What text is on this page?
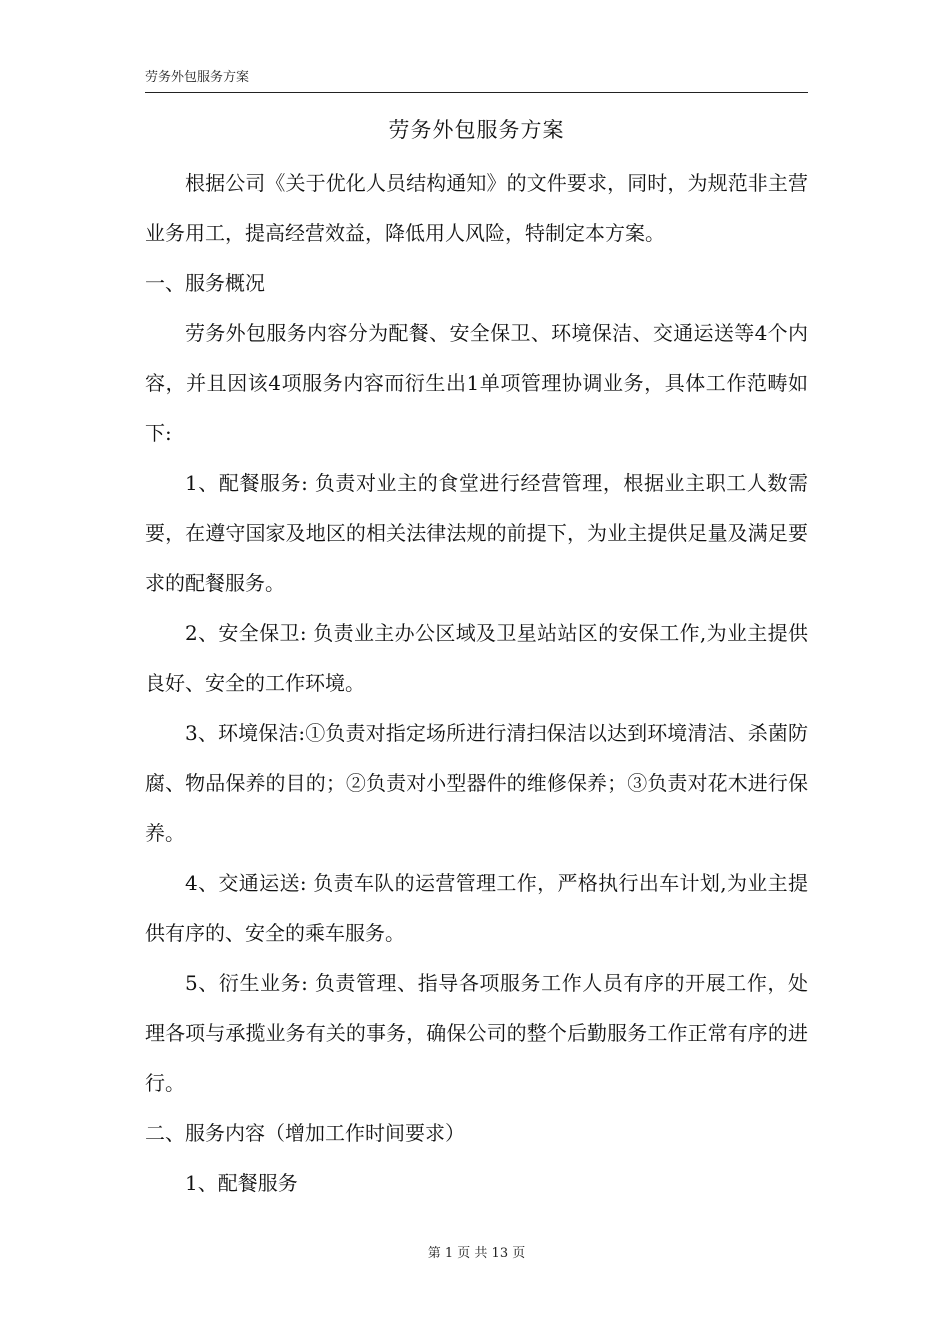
劳务外包服务方案
劳务外包服务方案

根据公司《关于优化人员结构通知》的文件要求，同时，为规范非主营业务用工，提高经营效益，降低用人风险，特制定本方案。

一、服务概况

劳务外包服务内容分为配餐、安全保卫、环境保洁、交通运送等4个内容，并且因该4项服务内容而衍生出1单项管理协调业务，具体工作范畴如下:

1、配餐服务: 负责对业主的食堂进行经营管理，根据业主职工人数需要，在遵守国家及地区的相关法律法规的前提下，为业主提供足量及满足要求的配餐服务。

2、安全保卫: 负责业主办公区域及卫星站站区的安保工作,为业主提供良好、安全的工作环境。

3、环境保洁:①负责对指定场所进行清扫保洁以达到环境清洁、杀菌防腐、物品保养的目的；②负责对小型器件的维修保养；③负责对花木进行保养。

4、交通运送: 负责车队的运营管理工作，严格执行出车计划,为业主提供有序的、安全的乘车服务。

5、衍生业务: 负责管理、指导各项服务工作人员有序的开展工作，处理各项与承揽业务有关的事务，确保公司的整个后勤服务工作正常有序的进行。

二、服务内容（增加工作时间要求）

1、配餐服务

第 1 页 共 13 页
